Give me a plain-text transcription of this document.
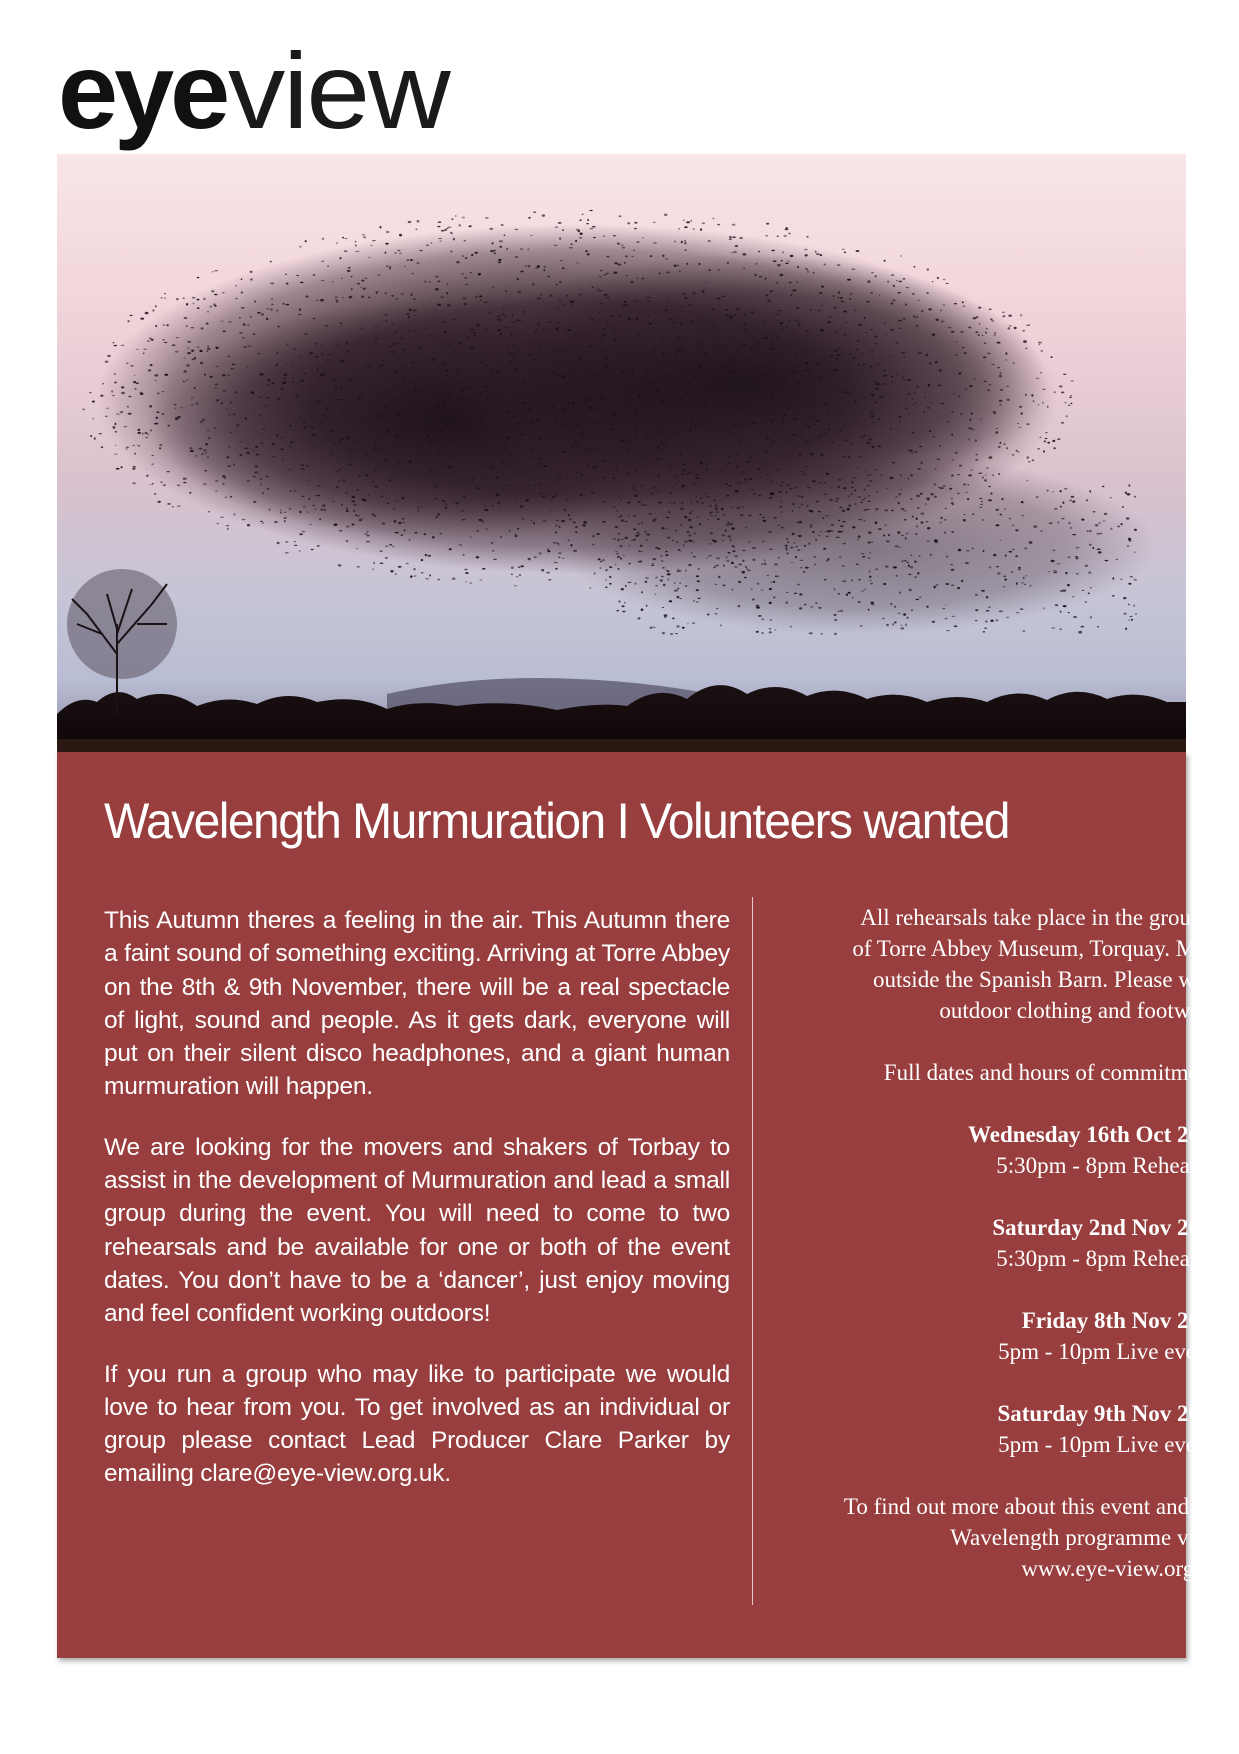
eye view
Wavelength Murmuration I Volunteers wanted

This Autumn theres a feeling in the air. This Autumn there a faint sound of something exciting. Arriving at Torre Abbey on the 8th & 9th November, there will be a real spectacle of light, sound and people. As it gets dark, everyone will put on their silent disco headphones, and a giant human murmuration will happen.

We are looking for the movers and shakers of Torbay to assist in the development of Murmuration and lead a small group during the event. You will need to come to two rehearsals and be available for one or both of the event dates. You don’t have to be a ‘dancer’, just enjoy moving and feel confident working outdoors!

If you run a group who may like to participate we would love to hear from you. To get involved as an individual or group please contact Lead Producer Clare Parker by emailing clare@eye-view.org.uk.

All rehearsals take place in the grounds

of Torre Abbey Museum, Torquay. Meet

outside the Spanish Barn. Please wear

outdoor clothing and footwear.

Full dates and hours of commitment:

Wednesday 16th Oct 2019

5:30pm - 8pm Rehearsal

Saturday 2nd Nov 2019

5:30pm - 8pm Rehearsal

Friday 8th Nov 2019

5pm - 10pm Live events

Saturday 9th Nov 2019

5pm - 10pm Live events

–

To find out more about this event and the

Wavelength programme visit:

www.eye-view.org.uk
